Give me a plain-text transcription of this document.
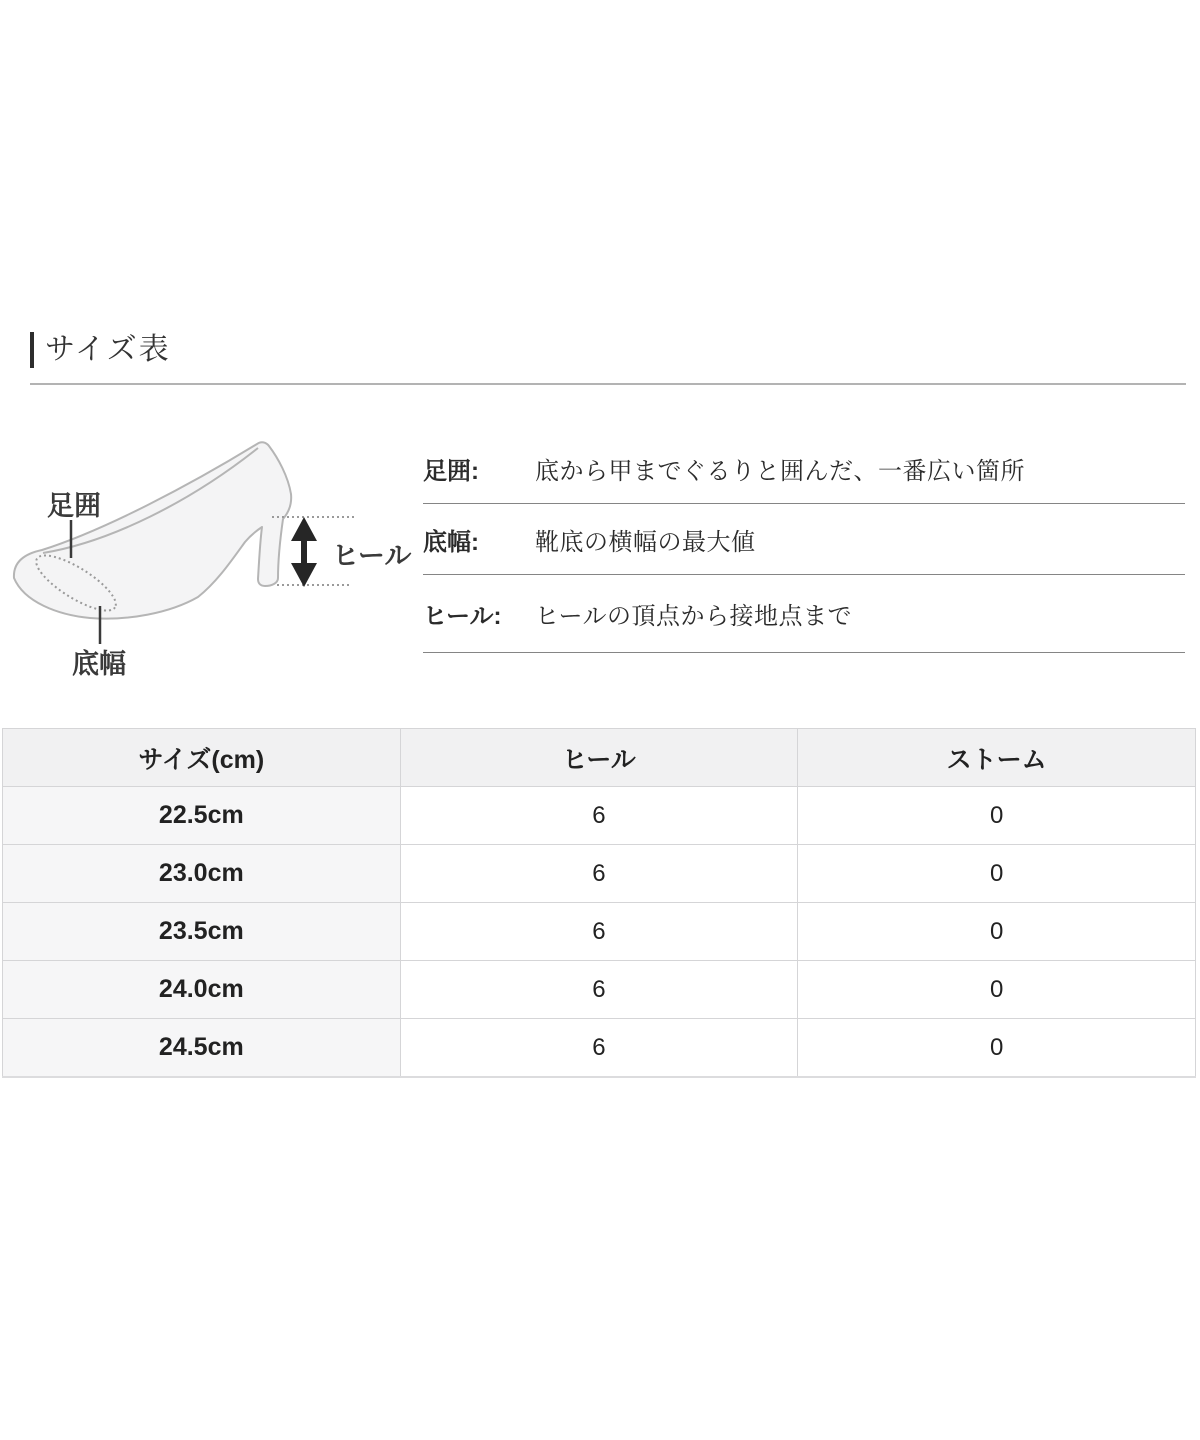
サイズ表
足囲
底幅
ヒール
足囲:	底から甲までぐるりと囲んだ、一番広い箇所
底幅:	靴底の横幅の最大値
ヒール:	ヒールの頂点から接地点まで
サイズ(cm)	ヒール	ストーム
22.5cm	6	0
23.0cm	6	0
23.5cm	6	0
24.0cm	6	0
24.5cm	6	0
